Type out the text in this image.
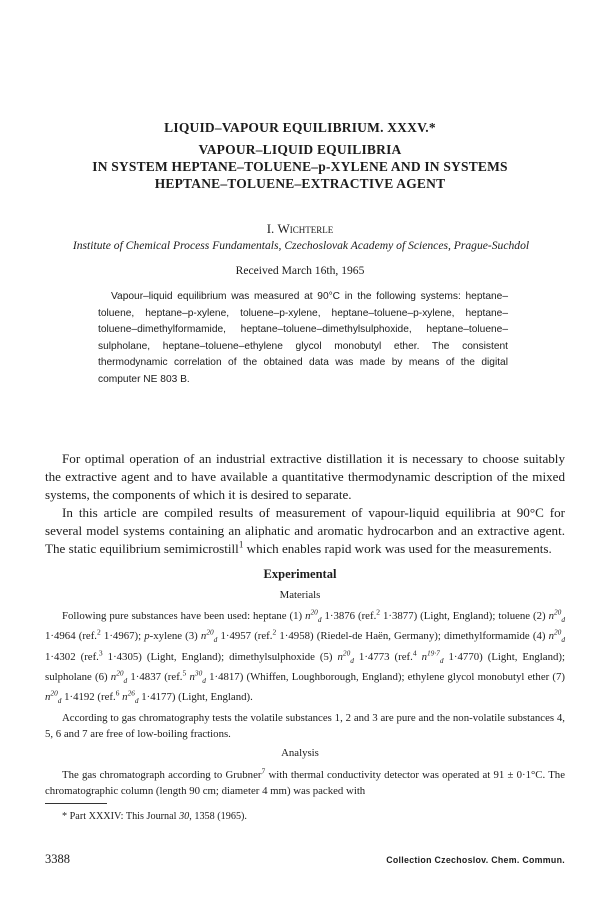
LIQUID–VAPOUR EQUILIBRIUM. XXXV.*
VAPOUR–LIQUID EQUILIBRIA
IN SYSTEM HEPTANE–TOLUENE–p-XYLENE AND IN SYSTEMS
HEPTANE–TOLUENE–EXTRACTIVE AGENT
I. Wichterle
Institute of Chemical Process Fundamentals, Czechoslovak Academy of Sciences, Prague-Suchdol
Received March 16th, 1965

Vapour–liquid equilibrium was measured at 90°C in the following systems: heptane–toluene, heptane–p-xylene, toluene–p-xylene, heptane–toluene–p-xylene, heptane–toluene–dimethylformamide, heptane–toluene–dimethylsulphoxide, heptane–toluene–sulpholane, heptane–toluene–ethylene glycol monobutyl ether. The consistent thermodynamic correlation of the obtained data was made by means of the digital computer NE 803 B.

For optimal operation of an industrial extractive distillation it is necessary to choose suitably the extractive agent and to have available a quantitative thermodynamic description of the mixed systems, the components of which it is desired to separate.

In this article are compiled results of measurement of vapour-liquid equilibria at 90°C for several model systems containing an aliphatic and aromatic hydrocarbon and an extractive agent. The static equilibrium semimicrostill$^1$ which enables rapid work was used for the measurements.

Experimental
Materials

Following pure substances have been used: heptane (1) $n^{20}_d$ 1·3876 (ref.$^2$ 1·3877) (Light, England); toluene (2) $n^{20}_d$ 1·4964 (ref.$^2$ 1·4967); p-xylene (3) $n^{20}_d$ 1·4957 (ref.$^2$ 1·4958) (Riedel-de Haën, Germany); dimethylformamide (4) $n^{20}_d$ 1·4302 (ref.$^3$ 1·4305) (Light, England); dimethylsulphoxide (5) $n^{20}_d$ 1·4773 (ref.$^4$ $n^{19\cdot 7}_d$ 1·4770) (Light, England); sulpholane (6) $n^{20}_d$ 1·4837 (ref.$^5$ $n^{30}_d$ 1·4817) (Whiffen, Loughborough, England); ethylene glycol monobutyl ether (7) $n^{20}_d$ 1·4192 (ref.$^6$ $n^{26}_d$ 1·4177) (Light, England).

According to gas chromatography tests the volatile substances 1, 2 and 3 are pure and the non-volatile substances 4, 5, 6 and 7 are free of low-boiling fractions.

Analysis

The gas chromatograph according to Grubner$^7$ with thermal conductivity detector was operated at 91 ± 0·1°C. The chromatographic column (length 90 cm; diameter 4 mm) was packed with

* Part XXXIV: This Journal 30, 1358 (1965).
3388	Collection Czechoslov. Chem. Commun.
